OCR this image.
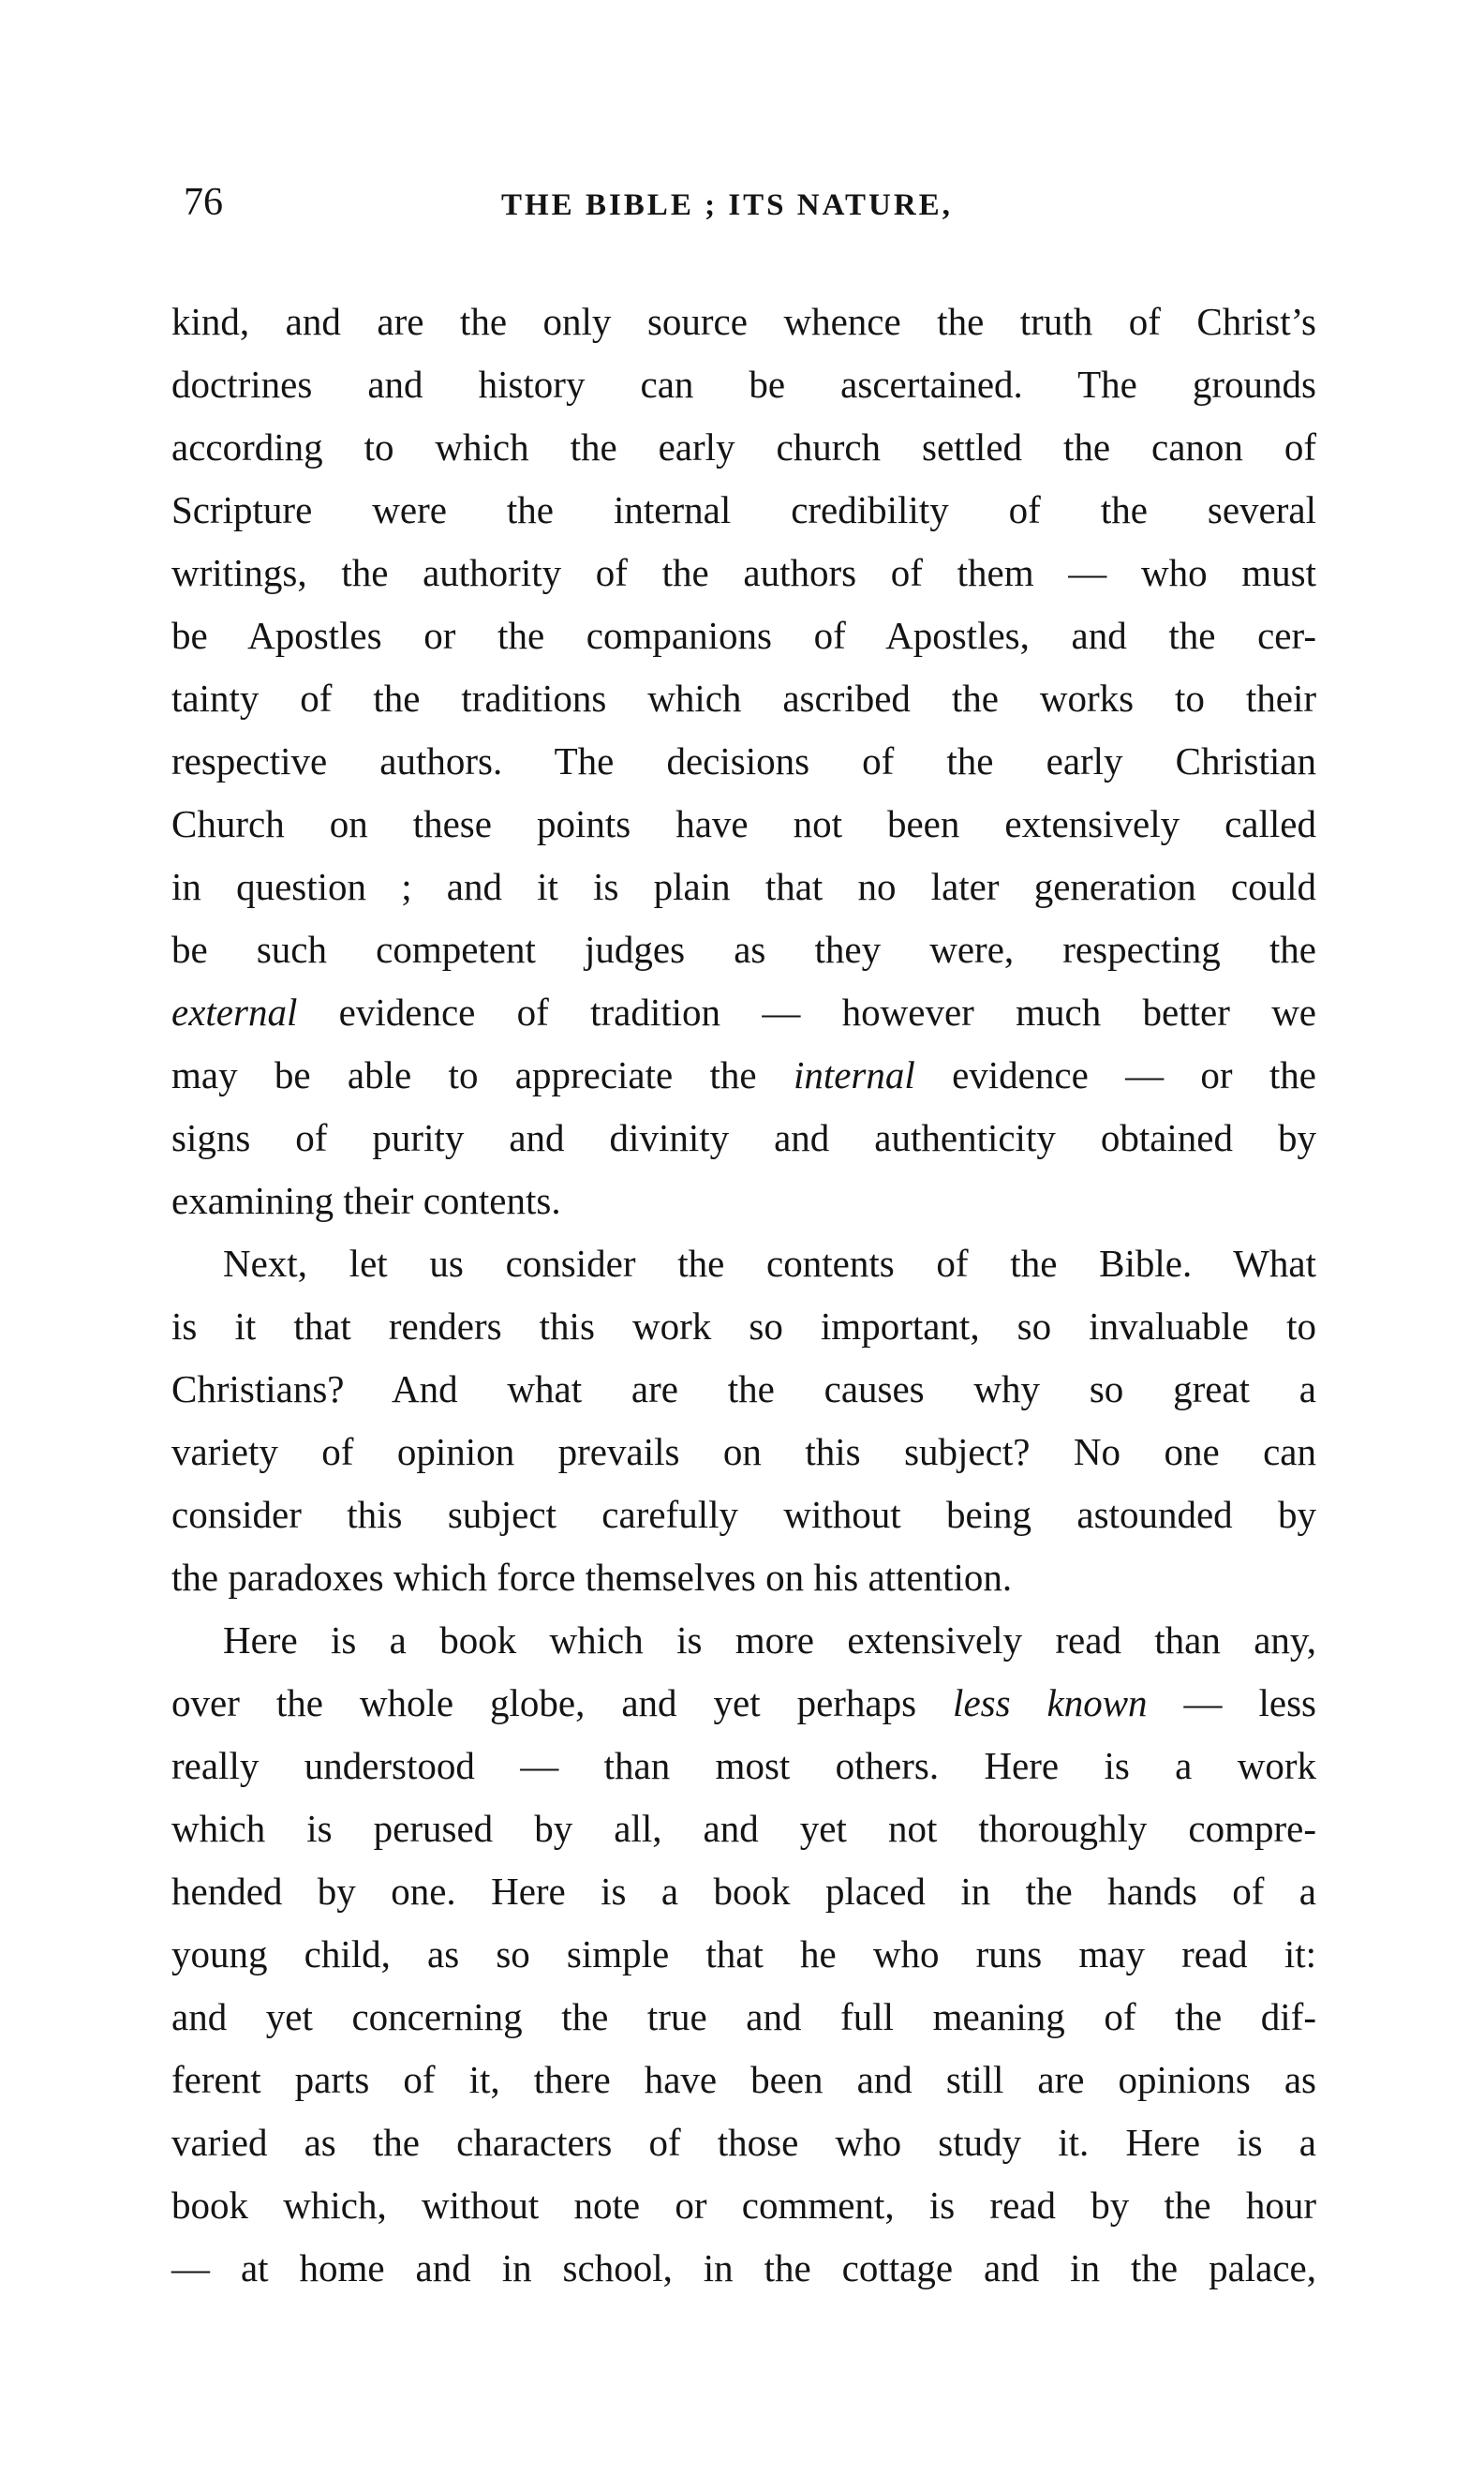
76	THE BIBLE ; ITS NATURE,
kind, and are the only source whence the truth of Christ’s
doctrines and history can be ascertained. The grounds
according to which the early church settled the canon of
Scripture were the internal credibility of the several
writings, the authority of the authors of them — who must
be Apostles or the companions of Apostles, and the cer-
tainty of the traditions which ascribed the works to their
respective authors. The decisions of the early Christian
Church on these points have not been extensively called
in question ; and it is plain that no later generation could
be such competent judges as they were, respecting the
external evidence of tradition — however much better we
may be able to appreciate the internal evidence — or the
signs of purity and divinity and authenticity obtained by
examining their contents.
Next, let us consider the contents of the Bible. What
is it that renders this work so important, so invaluable to
Christians? And what are the causes why so great a
variety of opinion prevails on this subject? No one can
consider this subject carefully without being astounded by
the paradoxes which force themselves on his attention.
Here is a book which is more extensively read than any,
over the whole globe, and yet perhaps less known — less
really understood — than most others. Here is a work
which is perused by all, and yet not thoroughly compre-
hended by one. Here is a book placed in the hands of a
young child, as so simple that he who runs may read it:
and yet concerning the true and full meaning of the dif-
ferent parts of it, there have been and still are opinions as
varied as the characters of those who study it. Here is a
book which, without note or comment, is read by the hour
— at home and in school, in the cottage and in the palace,
